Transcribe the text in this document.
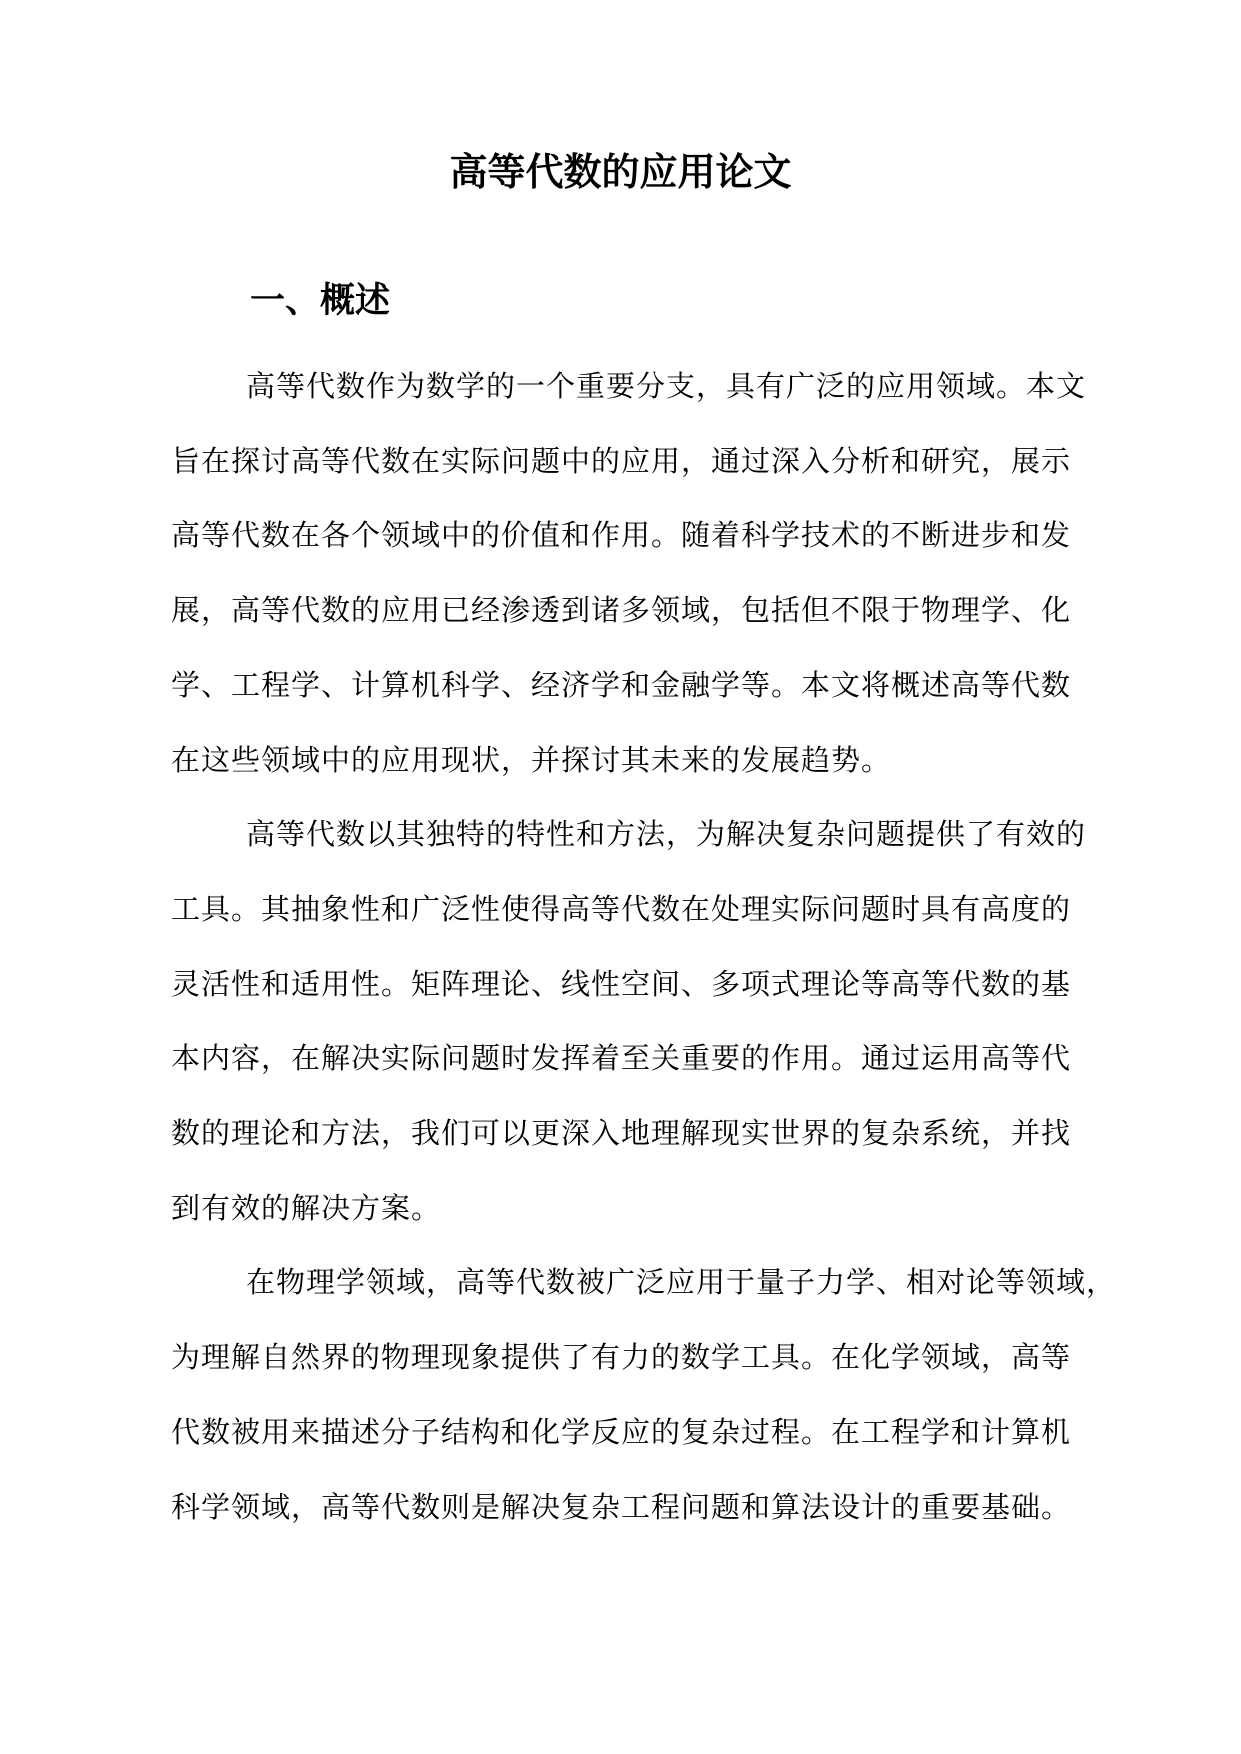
高等代数的应用论文
一、概述

高等代数作为数学的一个重要分支，具有广泛的应用领域。本文
旨在探讨高等代数在实际问题中的应用，通过深入分析和研究，展示
高等代数在各个领域中的价值和作用。随着科学技术的不断进步和发
展，高等代数的应用已经渗透到诸多领域，包括但不限于物理学、化
学、工程学、计算机科学、经济学和金融学等。本文将概述高等代数
在这些领域中的应用现状，并探讨其未来的发展趋势。

高等代数以其独特的特性和方法，为解决复杂问题提供了有效的
工具。其抽象性和广泛性使得高等代数在处理实际问题时具有高度的
灵活性和适用性。矩阵理论、线性空间、多项式理论等高等代数的基
本内容，在解决实际问题时发挥着至关重要的作用。通过运用高等代
数的理论和方法，我们可以更深入地理解现实世界的复杂系统，并找
到有效的解决方案。

在物理学领域，高等代数被广泛应用于量子力学、相对论等领域，
为理解自然界的物理现象提供了有力的数学工具。在化学领域，高等
代数被用来描述分子结构和化学反应的复杂过程。在工程学和计算机
科学领域，高等代数则是解决复杂工程问题和算法设计的重要基础。
